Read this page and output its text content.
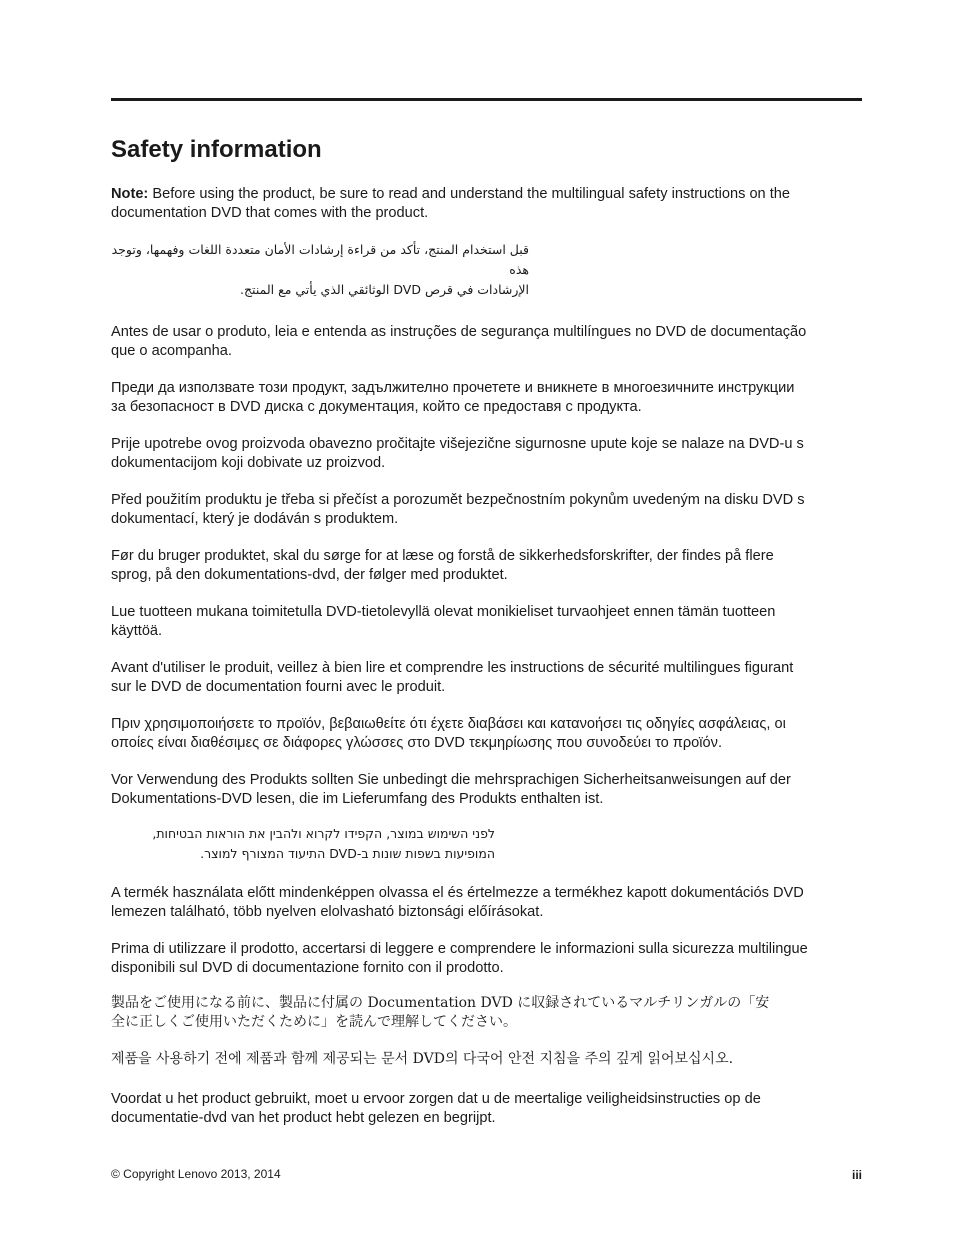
Safety information

Note: Before using the product, be sure to read and understand the multilingual safety instructions on the
documentation DVD that comes with the product.

قبل استخدام المنتج، تأكد من قراءة إرشادات الأمان متعددة اللغات وفهمها، وتوجد هذه
الإرشادات في قرص DVD الوثائقي الذي يأتي مع المنتج.

Antes de usar o produto, leia e entenda as instruções de segurança multilíngues no DVD de documentação
que o acompanha.

Преди да използвате този продукт, задължително прочетете и вникнете в многоезичните инструкции
за безопасност в DVD диска с документация, който се предоставя с продукта.

Prije upotrebe ovog proizvoda obavezno pročitajte višejezične sigurnosne upute koje se nalaze na DVD-u s
dokumentacijom koji dobivate uz proizvod.

Před použitím produktu je třeba si přečíst a porozumět bezpečnostním pokynům uvedeným na disku DVD s
dokumentací, který je dodáván s produktem.

Før du bruger produktet, skal du sørge for at læse og forstå de sikkerhedsforskrifter, der findes på flere
sprog, på den dokumentations-dvd, der følger med produktet.

Lue tuotteen mukana toimitetulla DVD-tietolevyllä olevat monikieliset turvaohjeet ennen tämän tuotteen
käyttöä.

Avant d'utiliser le produit, veillez à bien lire et comprendre les instructions de sécurité multilingues figurant
sur le DVD de documentation fourni avec le produit.

Πριν χρησιμοποιήσετε το προϊόν, βεβαιωθείτε ότι έχετε διαβάσει και κατανοήσει τις οδηγίες ασφάλειας, οι
οποίες είναι διαθέσιμες σε διάφορες γλώσσες στο DVD τεκμηρίωσης που συνοδεύει το προϊόν.

Vor Verwendung des Produkts sollten Sie unbedingt die mehrsprachigen Sicherheitsanweisungen auf der
Dokumentations-DVD lesen, die im Lieferumfang des Produkts enthalten ist.

לפני השימוש במוצר, הקפידו לקרוא ולהבין את הוראות הבטיחות,
המופיעות בשפות שונות ב-DVD התיעוד המצורף למוצר.

A termék használata előtt mindenképpen olvassa el és értelmezze a termékhez kapott dokumentációs DVD
lemezen található, több nyelven elolvasható biztonsági előírásokat.

Prima di utilizzare il prodotto, accertarsi di leggere e comprendere le informazioni sulla sicurezza multilingue
disponibili sul DVD di documentazione fornito con il prodotto.

製品をご使用になる前に、製品に付属の Documentation DVD に収録されているマルチリンガルの「安
全に正しくご使用いただくために」を読んで理解してください。

제품을 사용하기 전에 제품과 함께 제공되는 문서 DVD의 다국어 안전 지침을 주의 깊게 읽어보십시오.

Voordat u het product gebruikt, moet u ervoor zorgen dat u de meertalige veiligheidsinstructies op de
documentatie-dvd van het product hebt gelezen en begrijpt.

© Copyright Lenovo 2013, 2014	iii
